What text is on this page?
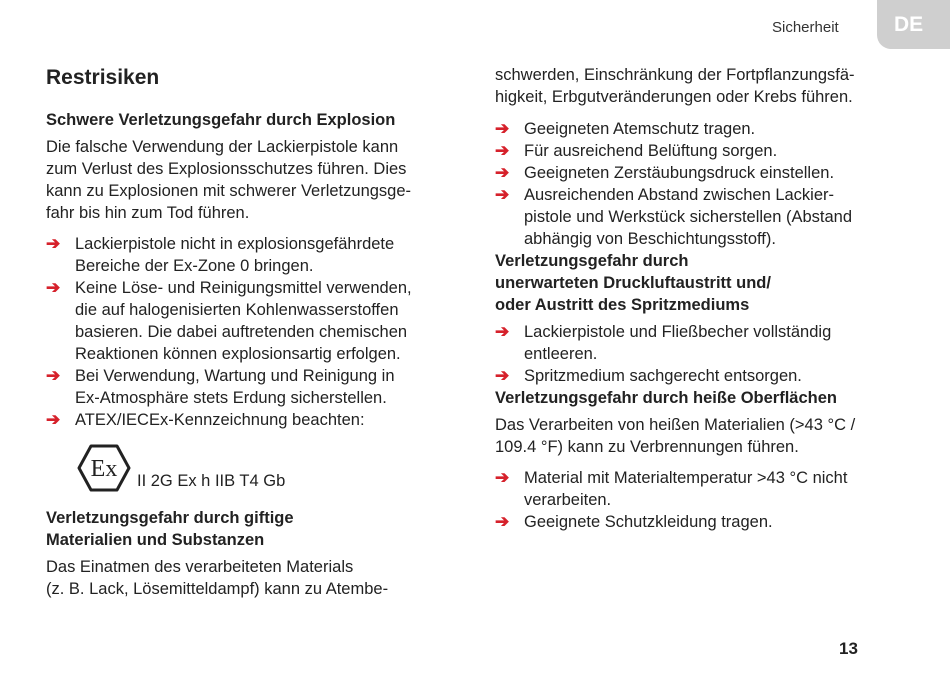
Sicherheit	DE
Restrisiken
Schwere Verletzungsgefahr durch Explosion

Die falsche Verwendung der Lackierpistole kann
zum Verlust des Explosionsschutzes führen. Dies
kann zu Explosionen mit schwerer Verletzungsge-
fahr bis hin zum Tod führen.

➔ Lackierpistole nicht in explosionsgefährdete
Bereiche der Ex-Zone 0 bringen.
➔ Keine Löse- und Reinigungsmittel verwenden,
die auf halogenisierten Kohlenwasserstoffen
basieren. Die dabei auftretenden chemischen
Reaktionen können explosionsartig erfolgen.
➔ Bei Verwendung, Wartung und Reinigung in
Ex-Atmosphäre stets Erdung sicherstellen.
➔ ATEX/IECEx-Kennzeichnung beachten:
Ex II 2G Ex h IIB T4 Gb
Verletzungsgefahr durch giftige
Materialien und Substanzen

Das Einatmen des verarbeiteten Materials
(z. B. Lack, Lösemitteldampf) kann zu Atembe-

schwerden, Einschränkung der Fortpflanzungsfä-
higkeit, Erbgutveränderungen oder Krebs führen.

➔ Geeigneten Atemschutz tragen.
➔ Für ausreichend Belüftung sorgen.
➔ Geeigneten Zerstäubungsdruck einstellen.
➔ Ausreichenden Abstand zwischen Lackier-
pistole und Werkstück sicherstellen (Abstand
abhängig von Beschichtungsstoff).
Verletzungsgefahr durch
unerwarteten Druckluftaustritt und/
oder Austritt des Spritzmediums
➔ Lackierpistole und Fließbecher vollständig
entleeren.
➔ Spritzmedium sachgerecht entsorgen.
Verletzungsgefahr durch heiße Oberflächen

Das Verarbeiten von heißen Materialien (>43 °C /
109.4 °F) kann zu Verbrennungen führen.

➔ Material mit Materialtemperatur >43 °C nicht
verarbeiten.
➔ Geeignete Schutzkleidung tragen.
13
